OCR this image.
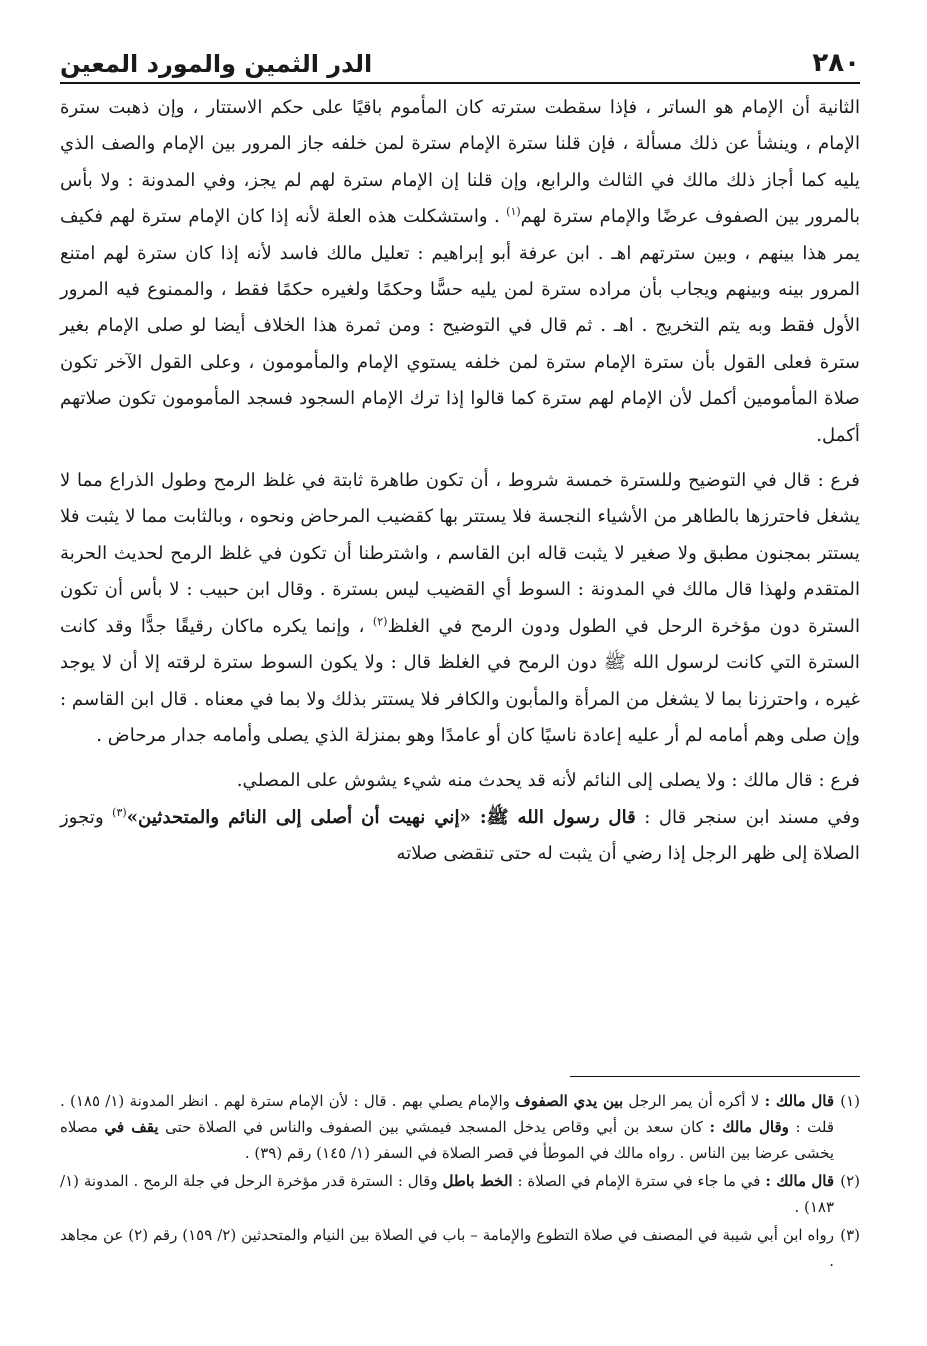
٢٨٠
الدر الثمين والمورد المعين

الثانية أن الإمام هو الساتر ، فإذا سقطت سترته كان المأموم باقيًا على حكم الاستتار ، وإن ذهبت سترة الإمام ، وينشأ عن ذلك مسألة ، فإن قلنا سترة الإمام سترة لمن خلفه جاز المرور بين الإمام والصف الذي يليه كما أجاز ذلك مالك في الثالث والرابع، وإن قلنا إن الإمام سترة لهم لم يجز، وفي المدونة : ولا بأس بالمرور بين الصفوف عرضًا والإمام سترة لهم$^{(١)}$ . واستشكلت هذه العلة لأنه إذا كان الإمام سترة لهم فكيف يمر هذا بينهم ، وبين سترتهم اهـ . ابن عرفة أبو إبراهيم : تعليل مالك فاسد لأنه إذا كان سترة لهم امتنع المرور بينه وبينهم ويجاب بأن مراده سترة لمن يليه حسًّا وحكمًا ولغيره حكمًا فقط ، والممنوع فيه المرور الأول فقط وبه يتم التخريج . اهـ . ثم قال في التوضيح : ومن ثمرة هذا الخلاف أيضا لو صلى الإمام بغير سترة فعلى القول بأن سترة الإمام سترة لمن خلفه يستوي الإمام والمأمومون ، وعلى القول الآخر تكون صلاة المأمومين أكمل لأن الإمام لهم سترة كما قالوا إذا ترك الإمام السجود فسجد المأمومون تكون صلاتهم أكمل.

فرع : قال في التوضيح وللسترة خمسة شروط ، أن تكون طاهرة ثابتة في غلظ الرمح وطول الذراع مما لا يشغل فاحترزها بالطاهر من الأشياء النجسة فلا يستتر بها كقضيب المرحاض ونحوه ، وبالثابت مما لا يثبت فلا يستتر بمجنون مطبق ولا صغير لا يثبت قاله ابن القاسم ، واشترطنا أن تكون في غلظ الرمح لحديث الحربة المتقدم ولهذا قال مالك في المدونة : السوط أي القضيب ليس بسترة . وقال ابن حبيب : لا بأس أن تكون السترة دون مؤخرة الرحل في الطول ودون الرمح في الغلظ$^{(٢)}$ ، وإنما يكره ماكان رقيقًا جدًّا وقد كانت السترة التي كانت لرسول الله ﷺ دون الرمح في الغلظ قال : ولا يكون السوط سترة لرقته إلا أن لا يوجد غيره ، واحترزنا بما لا يشغل من المرأة والمأبون والكافر فلا يستتر بذلك ولا بما في معناه . قال ابن القاسم : وإن صلى وهم أمامه لم أر عليه إعادة ناسيًا كان أو عامدًا وهو بمنزلة الذي يصلى وأمامه جدار مرحاض .

فرع : قال مالك : ولا يصلى إلى النائم لأنه قد يحدث منه شيء يشوش على المصلي.
وفي مسند ابن سنجر قال : قال رسول الله ﷺ: «إني نهيت أن أصلى إلى النائم والمتحدثين»$^{(٣)}$ وتجوز الصلاة إلى ظهر الرجل إذا رضي أن يثبت له حتى تنقضى صلاته

(١)قال مالك : لا أكره أن يمر الرجل بين يدي الصفوف والإمام يصلي بهم . قال : لأن الإمام سترة لهم . انظر المدونة (١/ ١٨٥) . قلت : وقال مالك : كان سعد بن أبي وقاص يدخل المسجد فيمشي بين الصفوف والناس في الصلاة حتى يقف في مصلاه يخشى عرضا بين الناس . رواه مالك في الموطأ في قصر الصلاة في السفر (١/ ١٤٥) رقم (٣٩) .

(٢)قال مالك : في ما جاء في سترة الإمام في الصلاة : الخط باطل وقال : السترة قدر مؤخرة الرحل في جلة الرمح . المدونة (١/ ١٨٣) .

(٣)رواه ابن أبي شيبة في المصنف في صلاة التطوع والإمامة – باب في الصلاة بين النيام والمتحدثين (٢/ ١٥٩) رقم (٢) عن مجاهد .
